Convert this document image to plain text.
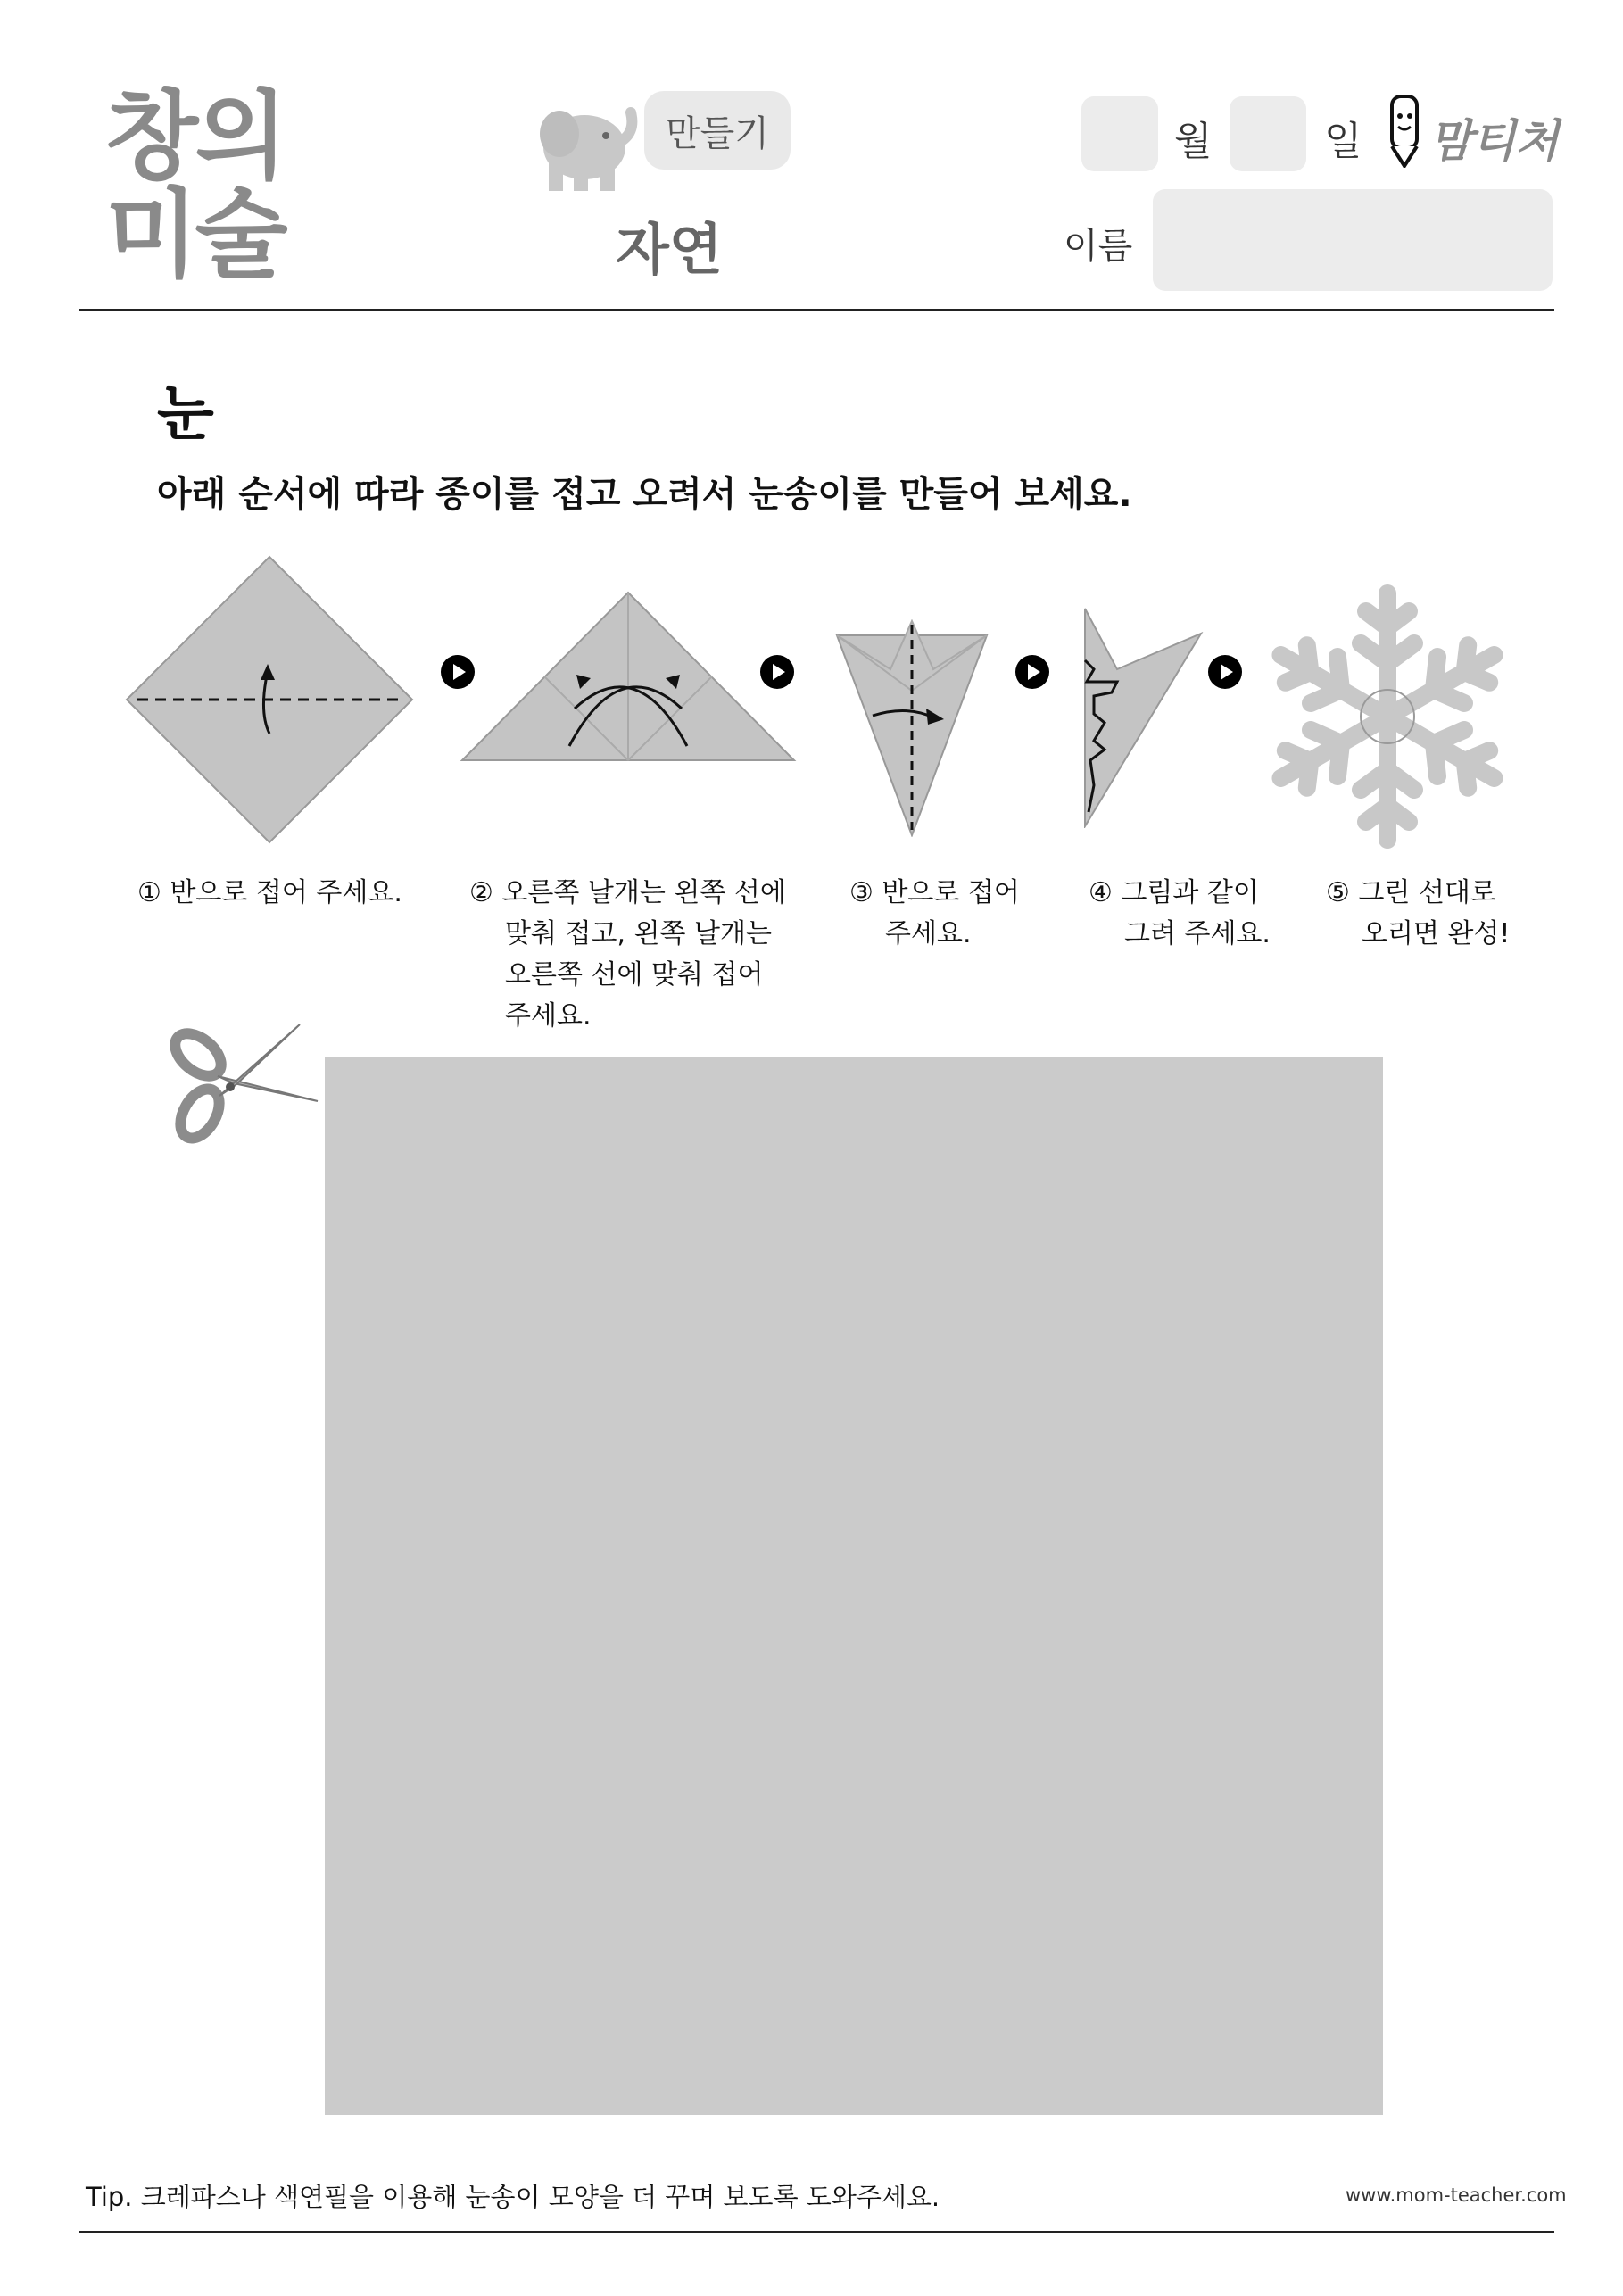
창의
미술
만들기
자연
월	일 맘티처
이름
눈
아래 순서에 따라 종이를 접고 오려서 눈송이를 만들어 보세요.
① 반으로 접어 주세요.	② 오른쪽 날개는 왼쪽 선에
맞춰 접고, 왼쪽 날개는
오른쪽 선에 맞춰 접어
주세요.
③ 반으로 접어
주세요.
④ 그림과 같이
그려 주세요.
⑤ 그린 선대로
오리면 완성!
Tip. 크레파스나 색연필을 이용해 눈송이 모양을 더 꾸며 보도록 도와주세요.	www.mom-teacher.com
